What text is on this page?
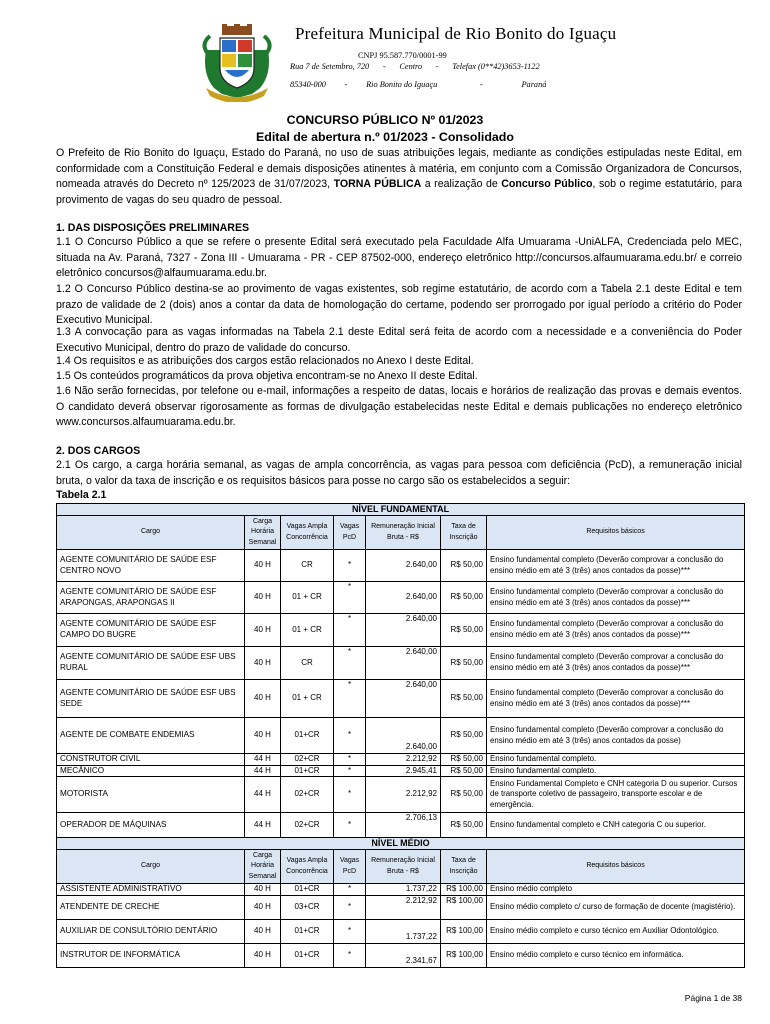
Prefeitura Municipal de Rio Bonito do Iguaçu
CNPJ 95.587.770/0001-99
Rua 7 de Setembro, 720 - Centro - Telefax (0**42)3653-1122
85340-000 - Rio Bonito do Iguaçu	-	Paraná
CONCURSO PÚBLICO Nº 01/2023
Edital de abertura n.º 01/2023 - Consolidado
O Prefeito de Rio Bonito do Iguaçu, Estado do Paraná, no uso de suas atribuições legais, mediante as condições estipuladas neste Edital, em conformidade com a Constituição Federal e demais disposições atinentes à matéria, em conjunto com a Comissão Organizadora de Concursos, nomeada através do Decreto nº 125/2023 de 31/07/2023, TORNA PÚBLICA a realização de Concurso Público, sob o regime estatutário, para provimento de vagas do seu quadro de pessoal.
1. DAS DISPOSIÇÕES PRELIMINARES
1.1 O Concurso Público a que se refere o presente Edital será executado pela Faculdade Alfa Umuarama -UniALFA, Credenciada pelo MEC, situada na Av. Paraná, 7327 - Zona III - Umuarama - PR - CEP 87502-000, endereço eletrônico http://concursos.alfaumuarama.edu.br/ e correio eletrônico concursos@alfaumuarama.edu.br.
1.2 O Concurso Público destina-se ao provimento de vagas existentes, sob regime estatutário, de acordo com a Tabela 2.1 deste Edital e tem prazo de validade de 2 (dois) anos a contar da data de homologação do certame, podendo ser prorrogado por igual período a critério do Poder Executivo Municipal.
1.3 A convocação para as vagas informadas na Tabela 2.1 deste Edital será feita de acordo com a necessidade e a conveniência do Poder Executivo Municipal, dentro do prazo de validade do concurso.
1.4 Os requisitos e as atribuições dos cargos estão relacionados no Anexo I deste Edital.
1.5 Os conteúdos programáticos da prova objetiva encontram-se no Anexo II deste Edital.
1.6 Não serão fornecidas, por telefone ou e-mail, informações a respeito de datas, locais e horários de realização das provas e demais eventos. O candidato deverá observar rigorosamente as formas de divulgação estabelecidas neste Edital e demais publicações no endereço eletrônico www.concursos.alfaumuarama.edu.br.
2. DOS CARGOS
2.1 Os cargo, a carga horária semanal, as vagas de ampla concorrência, as vagas para pessoa com deficiência (PcD), a remuneração inicial bruta, o valor da taxa de inscrição e os requisitos básicos para posse no cargo são os estabelecidos a seguir:
Tabela 2.1
NÍVEL FUNDAMENTAL						
Cargo	Carga Horária Semanal	Vagas Ampla Concorrência	Vagas PcD	Remuneração Inicial Bruta - R$	Taxa de Inscrição	Requisitos básicos
AGENTE COMUNITÁRIO DE SAÚDE ESF CENTRO NOVO	40 H	CR	*	2.640,00	R$ 50,00	Ensino fundamental completo (Deverão comprovar a conclusão do ensino médio em até 3 (três) anos contados da posse)***
AGENTE COMUNITÁRIO DE SAÚDE ESF ARAPONGAS, ARAPONGAS II	40 H	01 + CR	*	2.640,00	R$ 50,00	Ensino fundamental completo (Deverão comprovar a conclusão do ensino médio em até 3 (três) anos contados da posse)***
AGENTE COMUNITÁRIO DE SAÚDE ESF CAMPO DO BUGRE	40 H	01 + CR	*	2.640,00	R$ 50,00	Ensino fundamental completo (Deverão comprovar a conclusão do ensino médio em até 3 (três) anos contados da posse)***
AGENTE COMUNITÁRIO DE SAÚDE ESF UBS RURAL	40 H	CR	*	2.640,00	R$ 50,00	Ensino fundamental completo (Deverão comprovar a conclusão do ensino médio em até 3 (três) anos contados da posse)***
AGENTE COMUNITÁRIO DE SAÚDE ESF UBS SEDE	40 H	01 + CR	*	2.640,00	R$ 50,00	Ensino fundamental completo (Deverão comprovar a conclusão do ensino médio em até 3 (três) anos contados da posse)***
AGENTE DE COMBATE ENDEMIAS	40 H	01+CR	*	2.640,00	R$ 50,00	Ensino fundamental completo (Deverão comprovar a conclusão do ensino médio em até 3 (três) anos contados da posse)
CONSTRUTOR CIVIL	44 H	02+CR	*	2.212,92	R$ 50,00	Ensino fundamental completo.
MECÂNICO	44 H	01+CR	*	2.945,41	R$ 50,00	Ensino fundamental completo.
MOTORISTA	44 H	02+CR	*	2.212,92	R$ 50,00	Ensino Fundamental Completo e CNH categoria D ou superior. Cursos de transporte coletivo de passageiro, transporte escolar e de emergência.
OPERADOR DE MÁQUINAS	44 H	02+CR	*	2.706,13	R$ 50,00	Ensino fundamental completo e CNH categoria C ou superior.
NÍVEL MÉDIO						
Cargo	Carga Horária Semanal	Vagas Ampla Concorrência	Vagas PcD	Remuneração Inicial Bruta - R$	Taxa de Inscrição	Requisitos básicos
ASSISTENTE ADMINISTRATIVO	40 H	01+CR	*	1.737,22	R$ 100,00	Ensino médio completo
ATENDENTE DE CRECHE	40 H	03+CR	*	2.212,92	R$ 100,00	Ensino médio completo c/ curso de formação de docente (magistério).
AUXILIAR DE CONSULTÓRIO DENTÁRIO	40 H	01+CR	*	1.737,22	R$ 100,00	Ensino médio completo e curso técnico em Auxiliar Odontológico.
INSTRUTOR DE INFORMÁTICA	40 H	01+CR	*	2.341,67	R$ 100,00	Ensino médio completo e curso técnico em informática.
Página 1 de 38
